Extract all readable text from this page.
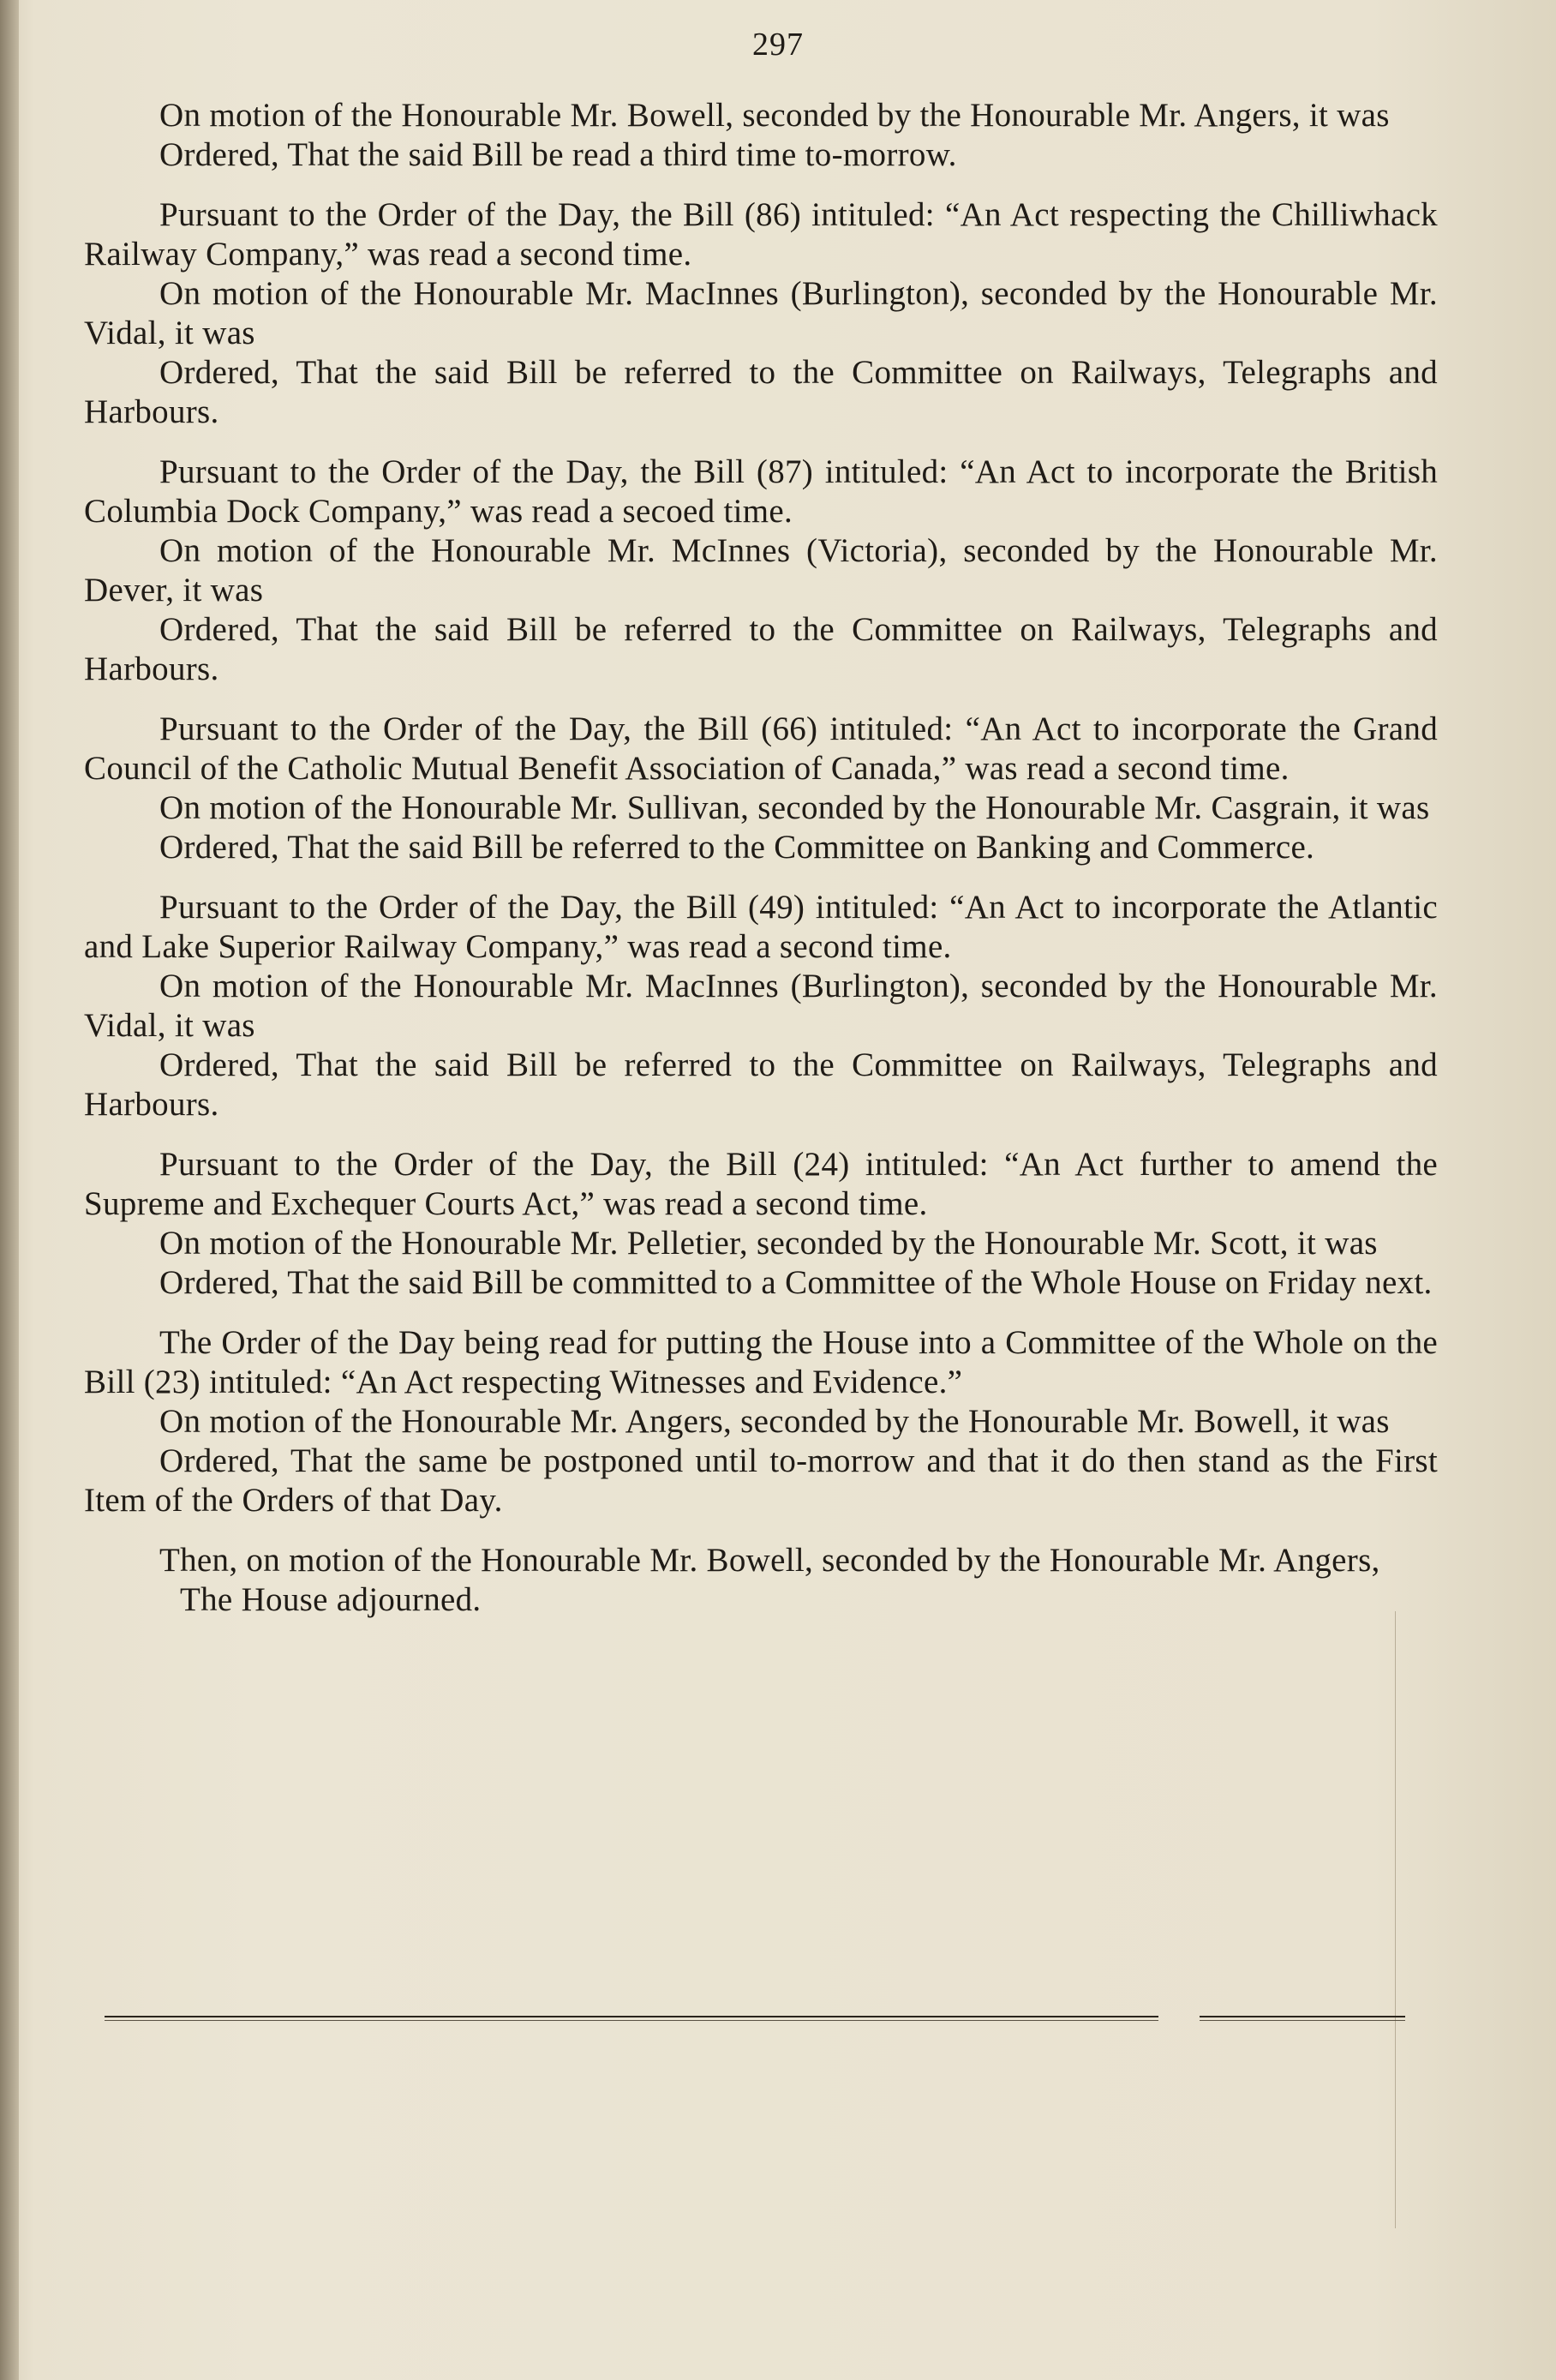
297
On motion of the Honourable Mr. Bowell, seconded by the Honourable Mr. Angers, it was
Ordered, That the said Bill be read a third time to-morrow.
Pursuant to the Order of the Day, the Bill (86) intituled: “An Act respecting the Chilliwhack Railway Company,” was read a second time.
On motion of the Honourable Mr. MacInnes (Burlington), seconded by the Honourable Mr. Vidal, it was
Ordered, That the said Bill be referred to the Committee on Railways, Telegraphs and Harbours.
Pursuant to the Order of the Day, the Bill (87) intituled: “An Act to incorporate the British Columbia Dock Company,” was read a secoed time.
On motion of the Honourable Mr. McInnes (Victoria), seconded by the Honourable Mr. Dever, it was
Ordered, That the said Bill be referred to the Committee on Railways, Telegraphs and Harbours.
Pursuant to the Order of the Day, the Bill (66) intituled: “An Act to incorporate the Grand Council of the Catholic Mutual Benefit Association of Canada,” was read a second time.
On motion of the Honourable Mr. Sullivan, seconded by the Honourable Mr. Casgrain, it was
Ordered, That the said Bill be referred to the Committee on Banking and Commerce.
Pursuant to the Order of the Day, the Bill (49) intituled: “An Act to incorporate the Atlantic and Lake Superior Railway Company,” was read a second time.
On motion of the Honourable Mr. MacInnes (Burlington), seconded by the Honourable Mr. Vidal, it was
Ordered, That the said Bill be referred to the Committee on Railways, Telegraphs and Harbours.
Pursuant to the Order of the Day, the Bill (24) intituled: “An Act further to amend the Supreme and Exchequer Courts Act,” was read a second time.
On motion of the Honourable Mr. Pelletier, seconded by the Honourable Mr. Scott, it was
Ordered, That the said Bill be committed to a Committee of the Whole House on Friday next.
The Order of the Day being read for putting the House into a Committee of the Whole on the Bill (23) intituled: “An Act respecting Witnesses and Evidence.”
On motion of the Honourable Mr. Angers, seconded by the Honourable Mr. Bowell, it was
Ordered, That the same be postponed until to-morrow and that it do then stand as the First Item of the Orders of that Day.
Then, on motion of the Honourable Mr. Bowell, seconded by the Honourable Mr. Angers,
The House adjourned.
